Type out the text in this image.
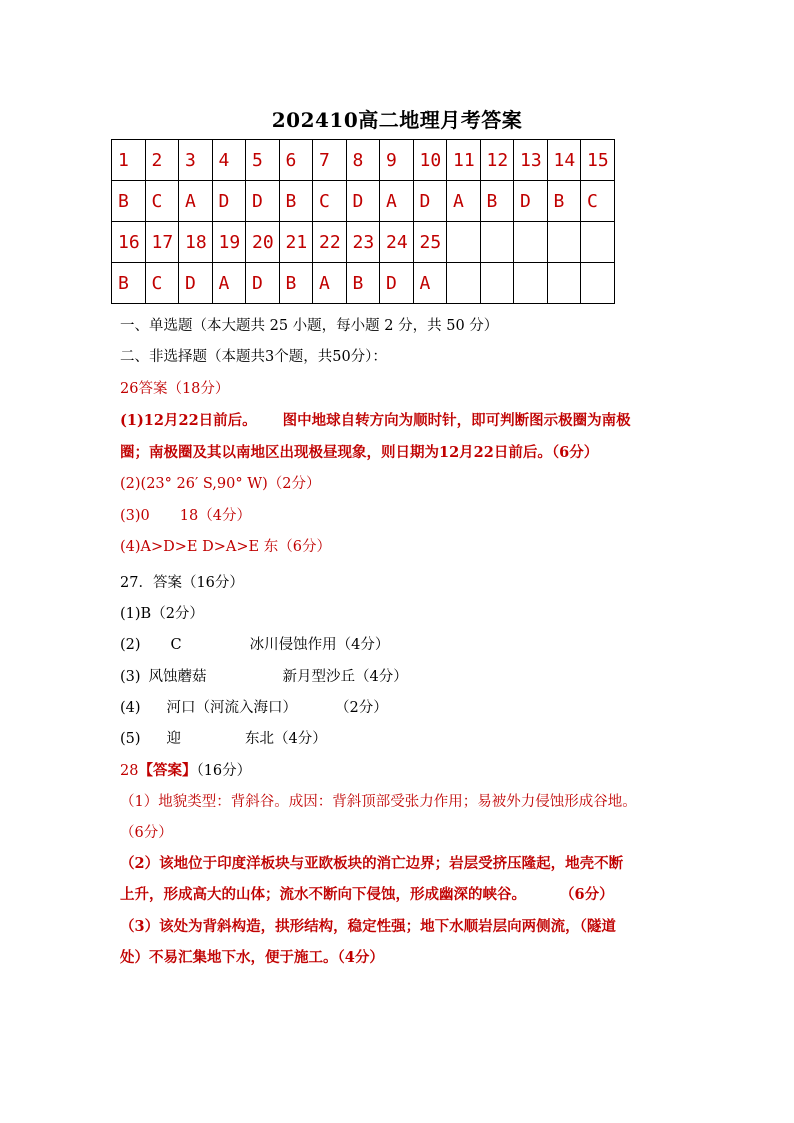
202410高二地理月考答案
1	2	3	4	5	6	7	8	9	10	11	12	13	14	15
B	C	A	D	D	B	C	D	A	D	A	B	D	B	C
16	17	18	19	20	21	22	23	24	25					
B	C	D	A	D	B	A	B	D	A					
一、单选题（本大题共 25 小题，每小题 2 分，共 50 分）
二、非选择题（本题共3个题，共50分）：
26答案（18分）
(1)12月22日前后。 图中地球自转方向为顺时针，即可判断图示极圈为南极
圈；南极圈及其以南地区出现极昼现象，则日期为12月22日前后。（6分）
(2)(23° 26′ S,90° W)（2分）
(3)0 18（4分）
(4)A>D>E D>A>E 东（6分）
27．答案（16分）
(1)B（2分）
(2) C	冰川侵蚀作用（4分）
(3) 风蚀蘑菇	新月型沙丘（4分）
(4) 河口（河流入海口）	（2分）
(5) 迎	东北（4分）
28【答案】（16分）
（1）地貌类型：背斜谷。成因：背斜顶部受张力作用；易被外力侵蚀形成谷地。
（6分）
（2）该地位于印度洋板块与亚欧板块的消亡边界；岩层受挤压隆起，地壳不断
上升，形成高大的山体；流水不断向下侵蚀，形成幽深的峡谷。 （6分）
（3）该处为背斜构造，拱形结构，稳定性强；地下水顺岩层向两侧流，（隧道
处）不易汇集地下水，便于施工。（4分）
